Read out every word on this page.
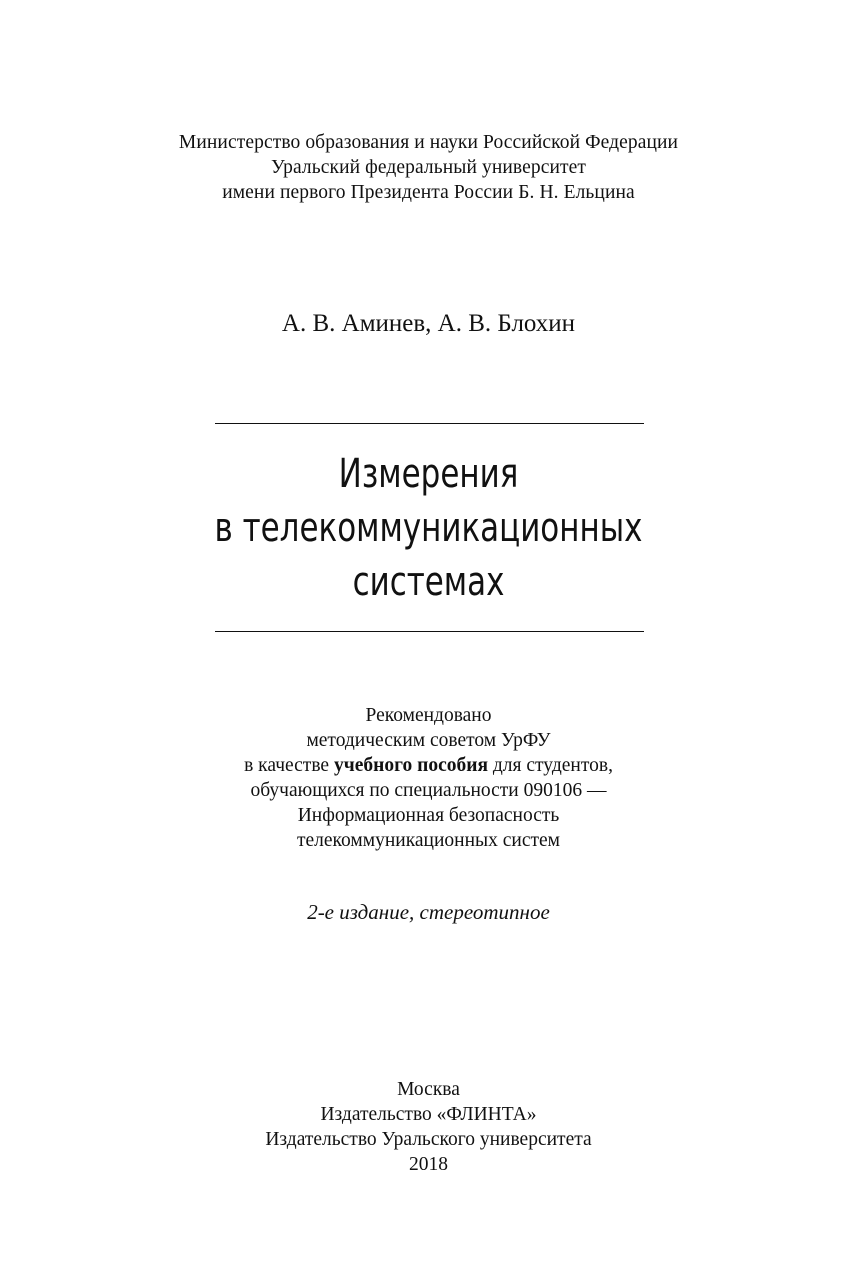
Министерство образования и науки Российской Федерации
Уральский федеральный университет
имени первого Президента России Б. Н. Ельцина
А. В. Аминев, А. В. Блохин
Измерения
в телекоммуникационных
системах
Рекомендовано
методическим советом УрФУ
в качестве учебного пособия для студентов,
обучающихся по специальности 090106 —
Информационная безопасность
телекоммуникационных систем
2-е издание, стереотипное
Москва
Издательство «ФЛИНТА»
Издательство Уральского университета
2018
